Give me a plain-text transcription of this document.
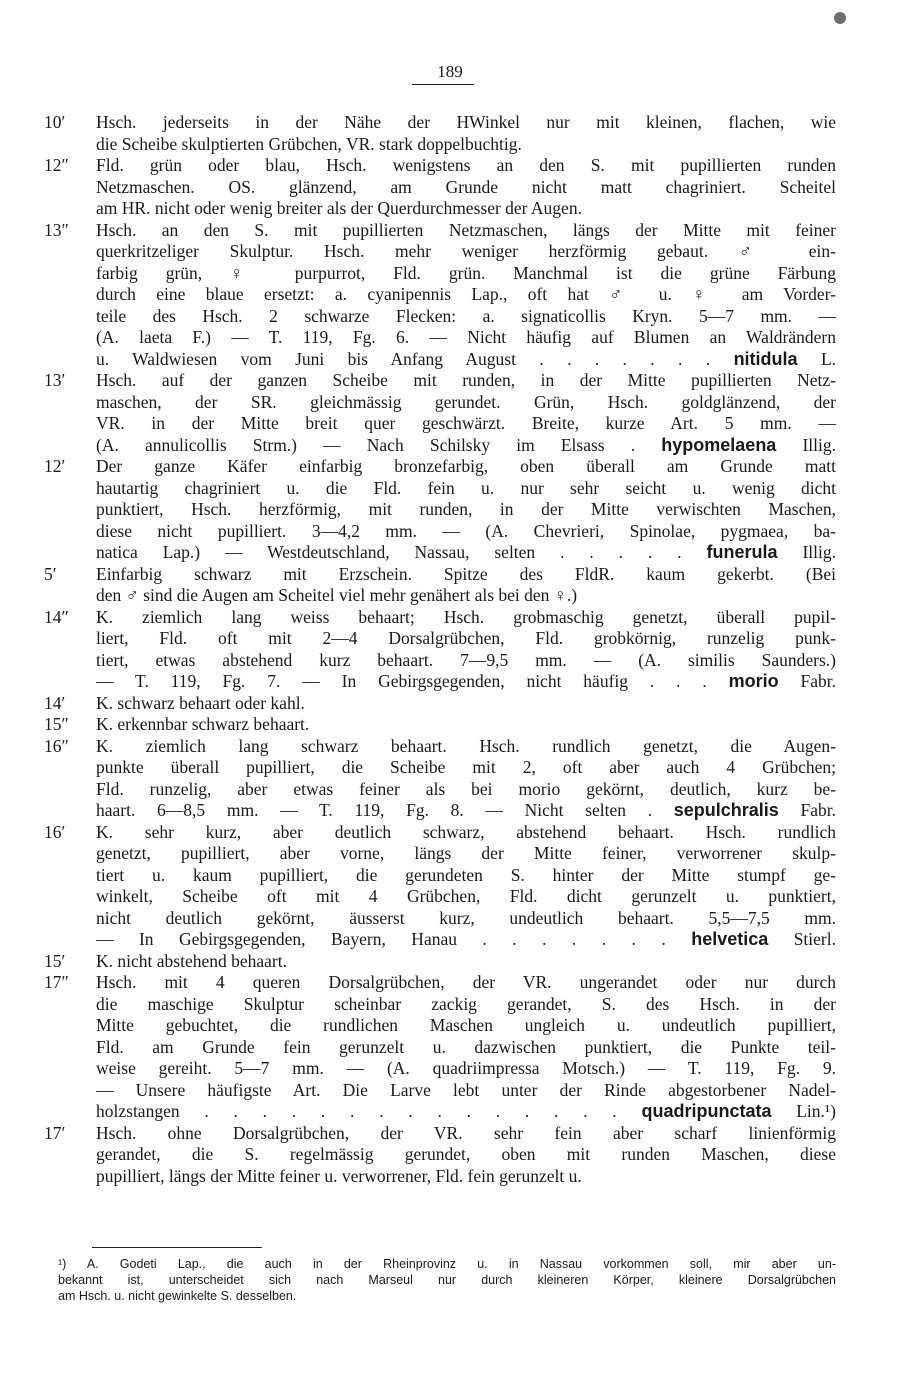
189
10′	Hsch. jederseits in der Nähe der HWinkel nur mit kleinen, flachen, wie
die Scheibe skulptierten Grübchen, VR. stark doppelbuchtig.
12″	Fld. grün oder blau, Hsch. wenigstens an den S. mit pupillierten runden
Netzmaschen. OS. glänzend, am Grunde nicht matt chagriniert. Scheitel
am HR. nicht oder wenig breiter als der Querdurchmesser der Augen.
13″	Hsch. an den S. mit pupillierten Netzmaschen, längs der Mitte mit feiner
querkritzeliger Skulptur. Hsch. mehr weniger herzförmig gebaut. ♂ ein-
farbig grün, ♀ purpurrot, Fld. grün. Manchmal ist die grüne Färbung
durch eine blaue ersetzt: a. cyanipennis Lap., oft hat ♂ u. ♀ am Vorder-
teile des Hsch. 2 schwarze Flecken: a. signaticollis Kryn. 5—7 mm. —
(A. laeta F.) — T. 119, Fg. 6. — Nicht häufig auf Blumen an Waldrändern
u. Waldwiesen vom Juni bis Anfang August . . . . . . . nitidula L.
13′	Hsch. auf der ganzen Scheibe mit runden, in der Mitte pupillierten Netz-
maschen, der SR. gleichmässig gerundet. Grün, Hsch. goldglänzend, der
VR. in der Mitte breit quer geschwärzt. Breite, kurze Art. 5 mm. —
(A. annulicollis Strm.) — Nach Schilsky im Elsass . hypomelaena Illig.
12′	Der ganze Käfer einfarbig bronzefarbig, oben überall am Grunde matt
hautartig chagriniert u. die Fld. fein u. nur sehr seicht u. wenig dicht
punktiert, Hsch. herzförmig, mit runden, in der Mitte verwischten Maschen,
diese nicht pupilliert. 3—4,2 mm. — (A. Chevrieri, Spinolae, pygmaea, ba-
natica Lap.) — Westdeutschland, Nassau, selten . . . . . funerula Illig.
5′	Einfarbig schwarz mit Erzschein. Spitze des FldR. kaum gekerbt. (Bei
den ♂ sind die Augen am Scheitel viel mehr genähert als bei den ♀.)
14″	K. ziemlich lang weiss behaart; Hsch. grobmaschig genetzt, überall pupil-
liert, Fld. oft mit 2—4 Dorsalgrübchen, Fld. grobkörnig, runzelig punk-
tiert, etwas abstehend kurz behaart. 7—9,5 mm. — (A. similis Saunders.)
— T. 119, Fg. 7. — In Gebirgsgegenden, nicht häufig . . . morio Fabr.
14′	K. schwarz behaart oder kahl.
15″	K. erkennbar schwarz behaart.
16″	K. ziemlich lang schwarz behaart. Hsch. rundlich genetzt, die Augen-
punkte überall pupilliert, die Scheibe mit 2, oft aber auch 4 Grübchen;
Fld. runzelig, aber etwas feiner als bei morio gekörnt, deutlich, kurz be-
haart. 6—8,5 mm. — T. 119, Fg. 8. — Nicht selten . sepulchralis Fabr.
16′	K. sehr kurz, aber deutlich schwarz, abstehend behaart. Hsch. rundlich
genetzt, pupilliert, aber vorne, längs der Mitte feiner, verworrener skulp-
tiert u. kaum pupilliert, die gerundeten S. hinter der Mitte stumpf ge-
winkelt, Scheibe oft mit 4 Grübchen, Fld. dicht gerunzelt u. punktiert,
nicht deutlich gekörnt, äusserst kurz, undeutlich behaart. 5,5—7,5 mm.
— In Gebirgsgegenden, Bayern, Hanau . . . . . . . helvetica Stierl.
15′	K. nicht abstehend behaart.
17″	Hsch. mit 4 queren Dorsalgrübchen, der VR. ungerandet oder nur durch
die maschige Skulptur scheinbar zackig gerandet, S. des Hsch. in der
Mitte gebuchtet, die rundlichen Maschen ungleich u. undeutlich pupilliert,
Fld. am Grunde fein gerunzelt u. dazwischen punktiert, die Punkte teil-
weise gereiht. 5—7 mm. — (A. quadriimpressa Motsch.) — T. 119, Fg. 9.
— Unsere häufigste Art. Die Larve lebt unter der Rinde abgestorbener Nadel-
holzstangen . . . . . . . . . . . . . . . quadripunctata Lin.¹)
17′	Hsch. ohne Dorsalgrübchen, der VR. sehr fein aber scharf linienförmig
gerandet, die S. regelmässig gerundet, oben mit runden Maschen, diese
pupilliert, längs der Mitte feiner u. verworrener, Fld. fein gerunzelt u.
¹) A. Godeti Lap., die auch in der Rheinprovinz u. in Nassau vorkommen soll, mir aber un-
bekannt ist, unterscheidet sich nach Marseul nur durch kleineren Körper, kleinere Dorsalgrübchen
am Hsch. u. nicht gewinkelte S. desselben.
